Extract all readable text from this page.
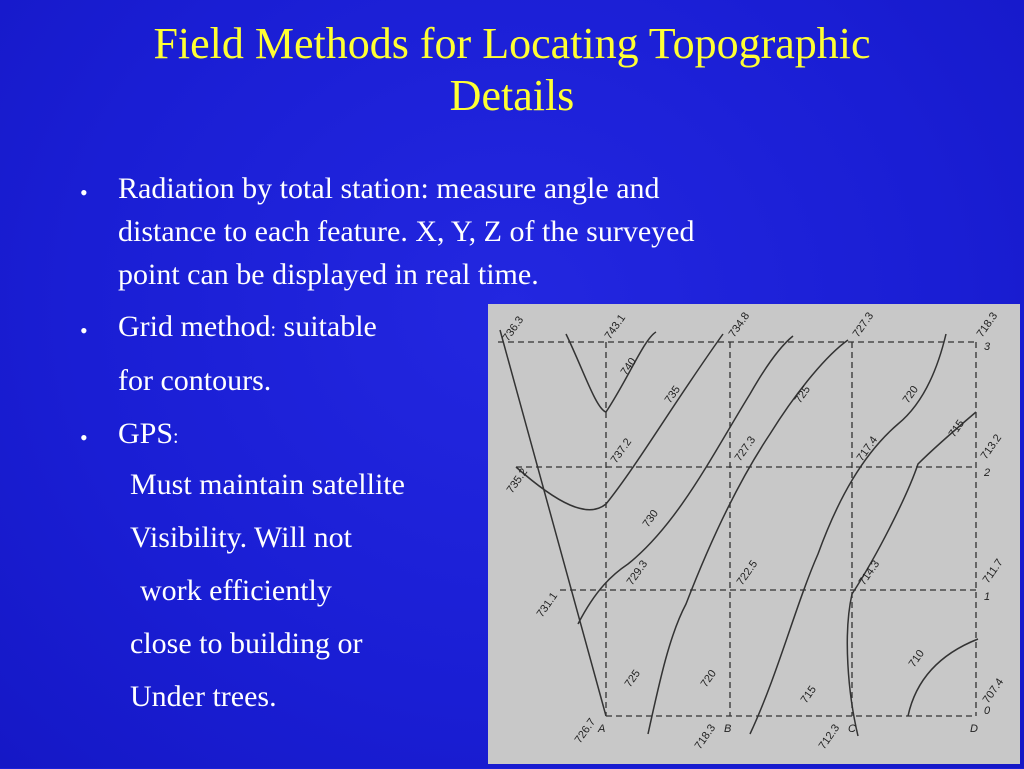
Field Methods for Locating Topographic
Details
• Radiation by total station: measure angle and
distance to each feature. X, Y, Z of the surveyed
point can be displayed in real time.
• Grid method: suitable
for contours.
• GPS:
Must maintain satellite
Visibility. Will not
work efficiently
close to building or
Under trees.
736.3	743.1	734.8	727.3	718.3
735.2
737.2	727.3	717.4	713.2
731.1
729.3	722.5	714.3	711.7
726.7	718.3	712.3
707.4
740
735
730
725
725
720
720
715
715
710
A	B	C	D
0
1
2
3
